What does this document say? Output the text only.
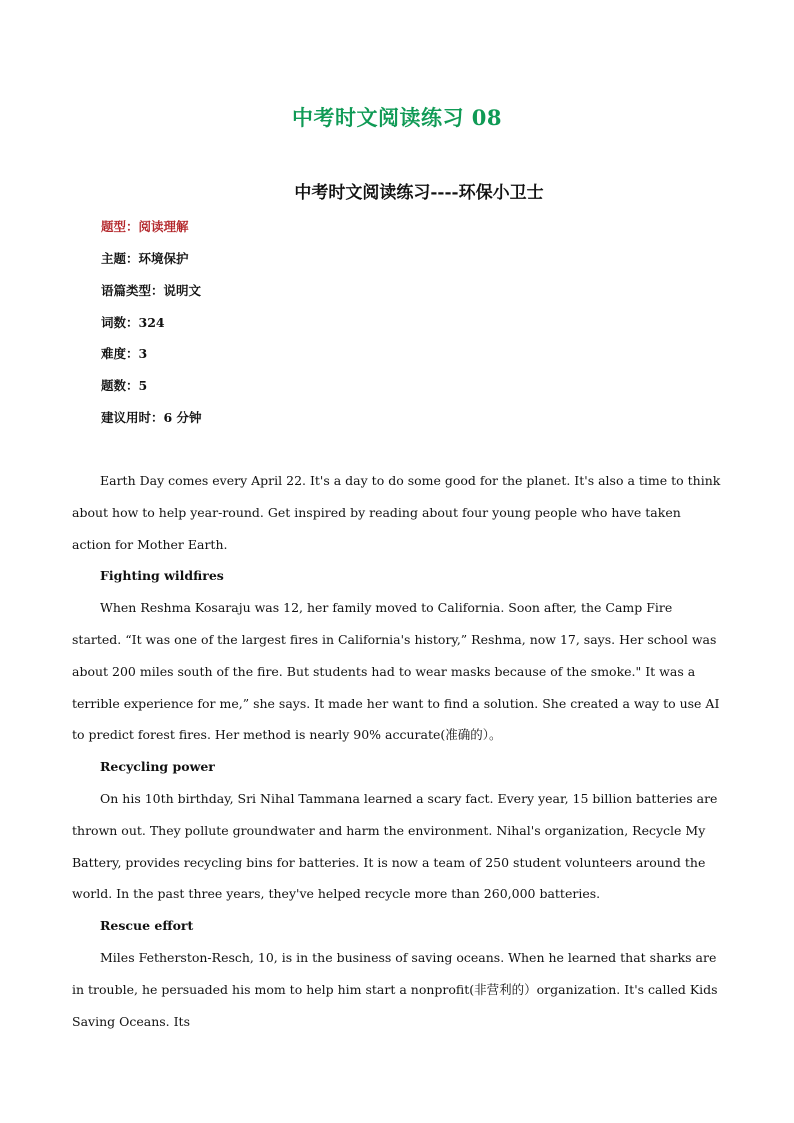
中考时文阅读练习 08
中考时文阅读练习----环保小卫士
题型：阅读理解
主题：环境保护
语篇类型：说明文
词数：324
难度：3
题数：5
建议用时：6 分钟

Earth Day comes every April 22. It's a day to do some good for the planet. It's also a time to think about how to help year-round. Get inspired by reading about four young people who have taken action for Mother Earth.

Fighting wildfires

When Reshma Kosaraju was 12, her family moved to California. Soon after, the Camp Fire started. “It was one of the largest fires in California's history,” Reshma, now 17, says. Her school was about 200 miles south of the fire. But students had to wear masks because of the smoke." It was a terrible experience for me,” she says. It made her want to find a solution. She created a way to use AI to predict forest fires. Her method is nearly 90% accurate(准确的）。

Recycling power

On his 10th birthday, Sri Nihal Tammana learned a scary fact. Every year, 15 billion batteries are thrown out. They pollute groundwater and harm the environment. Nihal's organization, Recycle My Battery, provides recycling bins for batteries. It is now a team of 250 student volunteers around the world. In the past three years, they've helped recycle more than 260,000 batteries.

Rescue effort

Miles Fetherston-Resch, 10, is in the business of saving oceans. When he learned that sharks are in trouble, he persuaded his mom to help him start a nonprofit(非营利的）organization. It's called Kids Saving Oceans. Its
